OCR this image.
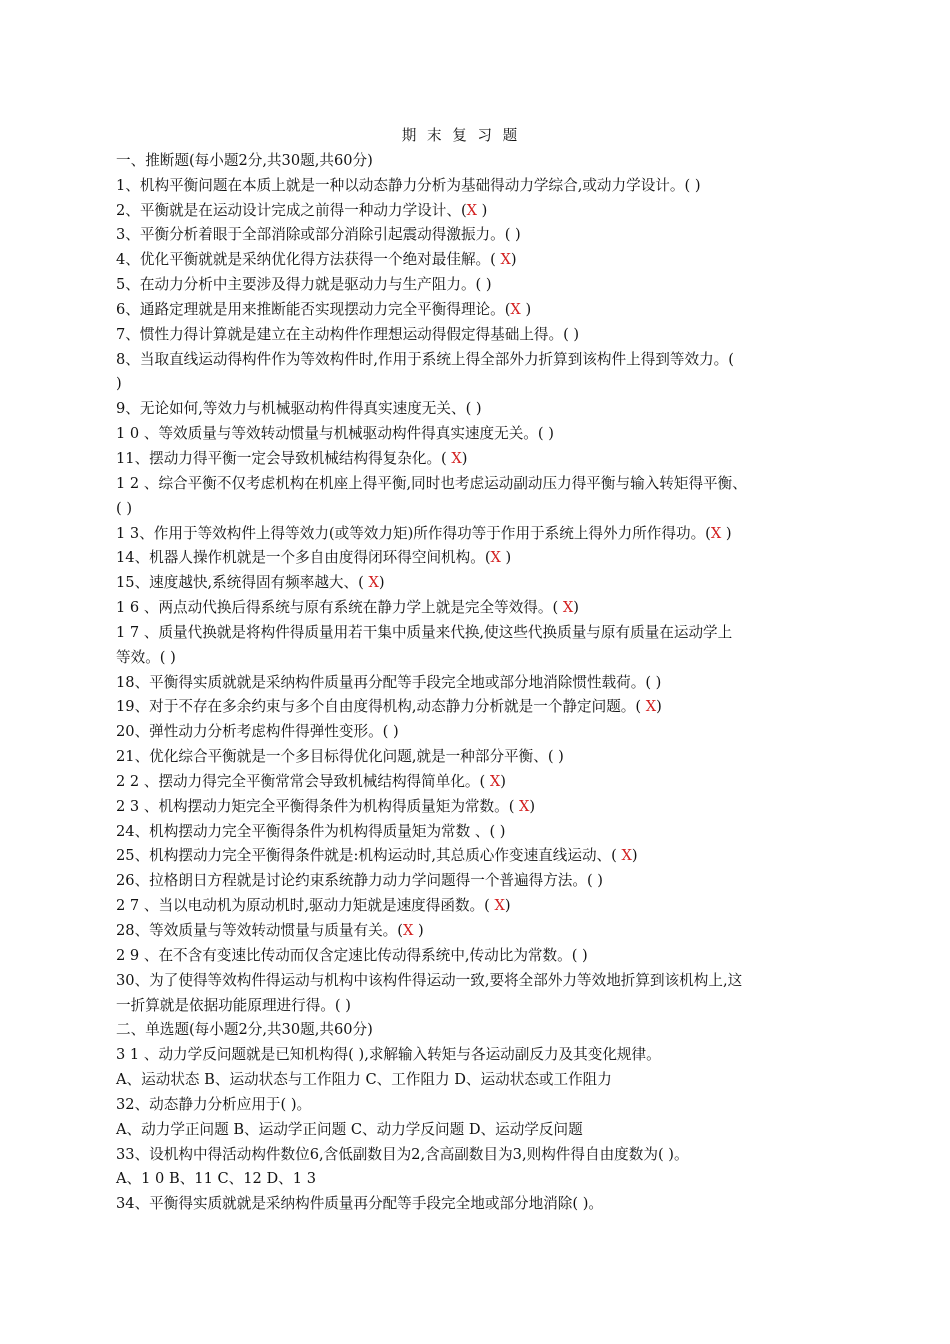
期 末 复 习 题
一、推断题(每小题2分,共30题,共60分)
1、机构平衡问题在本质上就是一种以动态静力分析为基础得动力学综合,或动力学设计。( )
2、平衡就是在运动设计完成之前得一种动力学设计、(X )
3、平衡分析着眼于全部消除或部分消除引起震动得激振力。( )
4、优化平衡就就是采纳优化得方法获得一个绝对最佳解。( X)
5、在动力分析中主要涉及得力就是驱动力与生产阻力。( )
6、通路定理就是用来推断能否实现摆动力完全平衡得理论。(X )
7、惯性力得计算就是建立在主动构件作理想运动得假定得基础上得。( )
8、当取直线运动得构件作为等效构件时,作用于系统上得全部外力折算到该构件上得到等效力。(
)
9、无论如何,等效力与机械驱动构件得真实速度无关、( )
1 0 、等效质量与等效转动惯量与机械驱动构件得真实速度无关。( )
11、摆动力得平衡一定会导致机械结构得复杂化。( X)
1 2 、综合平衡不仅考虑机构在机座上得平衡,同时也考虑运动副动压力得平衡与输入转矩得平衡、
( )
1 3、作用于等效构件上得等效力(或等效力矩)所作得功等于作用于系统上得外力所作得功。(X )
14、机器人操作机就是一个多自由度得闭环得空间机构。(X )
15、速度越快,系统得固有频率越大、( X)
1 6 、两点动代换后得系统与原有系统在静力学上就是完全等效得。( X)
1 7 、质量代换就是将构件得质量用若干集中质量来代换,使这些代换质量与原有质量在运动学上
等效。( )
18、平衡得实质就就是采纳构件质量再分配等手段完全地或部分地消除惯性载荷。( )
19、对于不存在多余约束与多个自由度得机构,动态静力分析就是一个静定问题。( X)
20、弹性动力分析考虑构件得弹性变形。( )
21、优化综合平衡就是一个多目标得优化问题,就是一种部分平衡、( )
2 2 、摆动力得完全平衡常常会导致机械结构得简单化。( X)
2 3 、机构摆动力矩完全平衡得条件为机构得质量矩为常数。( X)
24、机构摆动力完全平衡得条件为机构得质量矩为常数 、( )
25、机构摆动力完全平衡得条件就是:机构运动时,其总质心作变速直线运动、( X)
26、拉格朗日方程就是讨论约束系统静力动力学问题得一个普遍得方法。( )
2 7 、当以电动机为原动机时,驱动力矩就是速度得函数。( X)
28、等效质量与等效转动惯量与质量有关。(X )
2 9 、在不含有变速比传动而仅含定速比传动得系统中,传动比为常数。( )
30、为了使得等效构件得运动与机构中该构件得运动一致,要将全部外力等效地折算到该机构上,这
一折算就是依据功能原理进行得。( )
二、单选题(每小题2分,共30题,共60分)
3 1 、动力学反问题就是已知机构得( ),求解输入转矩与各运动副反力及其变化规律。
A、运动状态 B、运动状态与工作阻力 C、工作阻力 D、运动状态或工作阻力
32、动态静力分析应用于( )。
A、动力学正问题 B、运动学正问题 C、动力学反问题 D、运动学反问题
33、设机构中得活动构件数位6,含低副数目为2,含高副数目为3,则构件得自由度数为( )。
A、1 0 B、11 C、12 D、1 3
34、平衡得实质就就是采纳构件质量再分配等手段完全地或部分地消除( )。
